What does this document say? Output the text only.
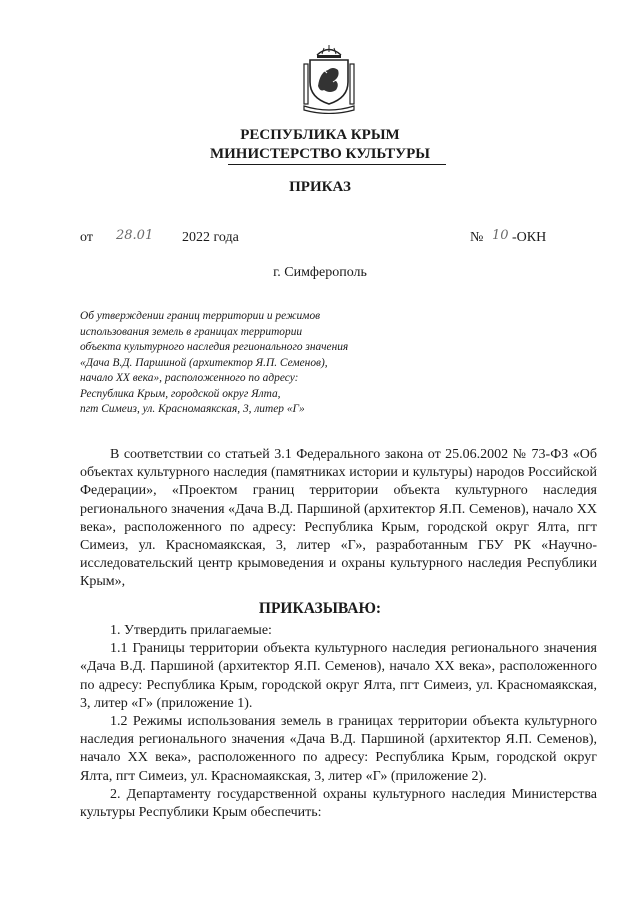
РЕСПУБЛИКА КРЫМ
МИНИСТЕРСТВО КУЛЬТУРЫ
ПРИКАЗ
от 28.01 2022 года	№ 10 -ОКН
г. Симферополь
Об утверждении границ территории и режимов
использования земель в границах территории
объекта культурного наследия регионального значения
«Дача В.Д. Паршиной (архитектор Я.П. Семенов),
начало XX века», расположенного по адресу:
Республика Крым, городской округ Ялта,
пгт Симеиз, ул. Красномаякская, 3, литер «Г»
В соответствии со статьей 3.1 Федерального закона от 25.06.2002 № 73-ФЗ «Об объектах культурного наследия (памятниках истории и культуры) народов Российской Федерации», «Проектом границ территории объекта культурного наследия регионального значения «Дача В.Д. Паршиной (архитектор Я.П. Семенов), начало XX века», расположенного по адресу: Республика Крым, городской округ Ялта, пгт Симеиз, ул. Красномаякская, 3, литер «Г», разработанным ГБУ РК «Научно-исследовательский центр крымоведения и охраны культурного наследия Республики Крым»,
ПРИКАЗЫВАЮ:

1. Утвердить прилагаемые:

1.1 Границы территории объекта культурного наследия регионального значения «Дача В.Д. Паршиной (архитектор Я.П. Семенов), начало XX века», расположенного по адресу: Республика Крым, городской округ Ялта, пгт Симеиз, ул. Красномаякская, 3, литер «Г» (приложение 1).

1.2 Режимы использования земель в границах территории объекта культурного наследия регионального значения «Дача В.Д. Паршиной (архитектор Я.П. Семенов), начало XX века», расположенного по адресу: Республика Крым, городской округ Ялта, пгт Симеиз, ул. Красномаякская, 3, литер «Г» (приложение 2).

2. Департаменту государственной охраны культурного наследия Министерства культуры Республики Крым обеспечить:
